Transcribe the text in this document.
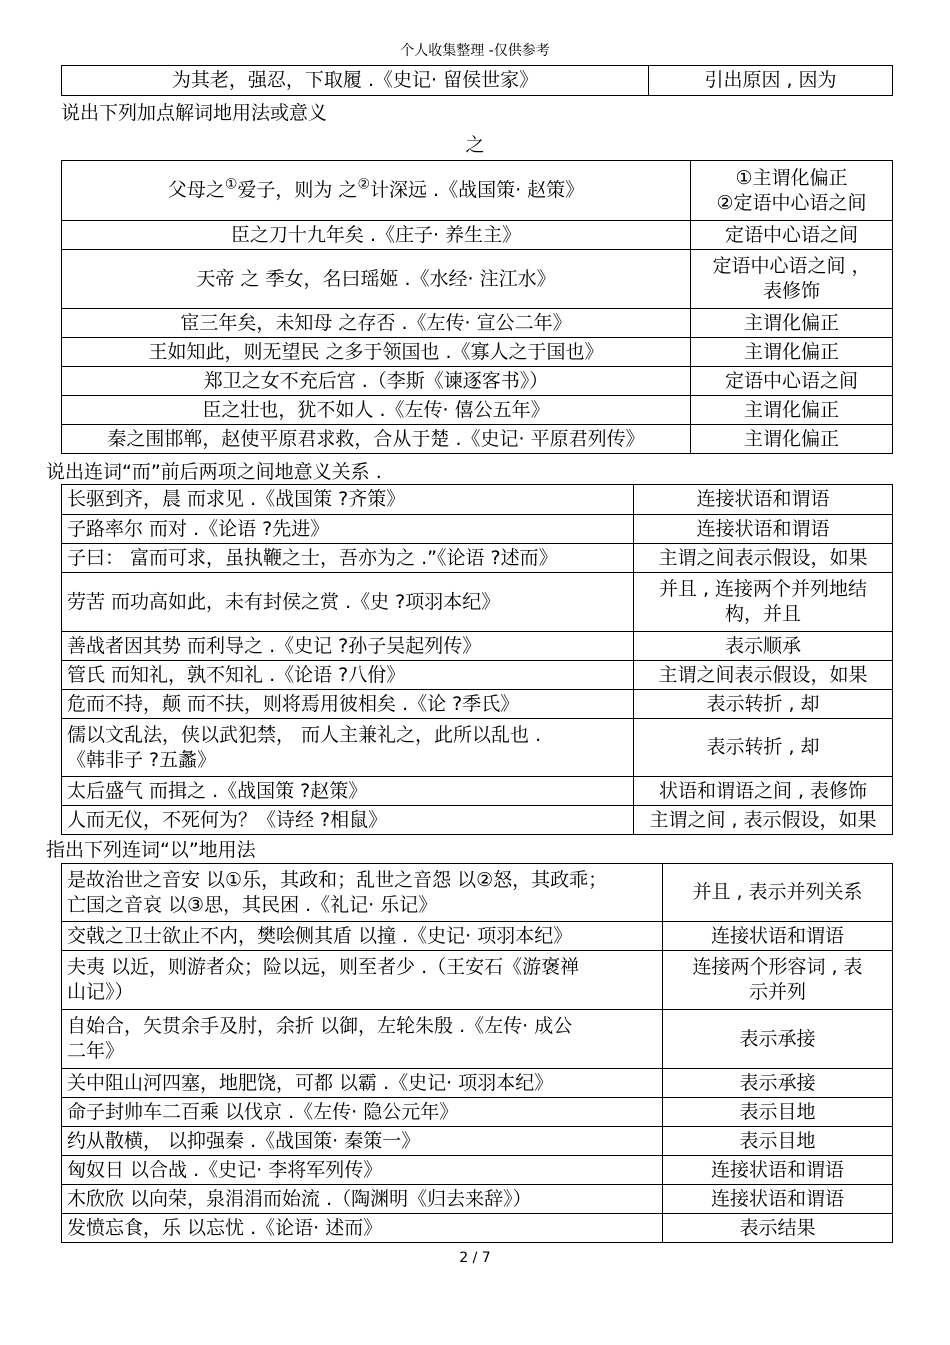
个人收集整理 -仅供参考
为其老，强忍，下取履 .《史记· 留侯世家》	引出原因 , 因为
说出下列加点解词地用法或意义
之
父母之①爱子，则为 之②计深远 .《战国策· 赵策》	①主谓化偏正
②定语中心语之间
臣之刀十九年矣 .《庄子· 养生主》	定语中心语之间
天帝 之 季女，名曰瑶姬 .《水经· 注江水》	定语中心语之间 ，
表修饰
宦三年矣，未知母 之存否 .《左传· 宣公二年》	主谓化偏正
王如知此，则无望民 之多于领国也 .《寡人之于国也》	主谓化偏正
郑卫之女不充后宫 .（李斯《谏逐客书》）	定语中心语之间
臣之壮也，犹不如人 .《左传· 僖公五年》	主谓化偏正
秦之围邯郸，赵使平原君求救，合从于楚 .《史记· 平原君列传》	主谓化偏正
说出连词“而”前后两项之间地意义关系 .
长驱到齐，晨 而求见 .《战国策 ?齐策》	连接状语和谓语
子路率尔 而对 .《论语 ?先进》	连接状语和谓语
子曰： 富而可求，虽执鞭之士，吾亦为之 .”《论语 ?述而》	主谓之间表示假设，如果
劳苦 而功高如此，未有封侯之赏 .《史 ?项羽本纪》	并且 , 连接两个并列地结
构，并且
善战者因其势 而利导之 .《史记 ?孙子吴起列传》	表示顺承
管氏 而知礼，孰不知礼 .《论语 ?八佾》	主谓之间表示假设，如果
危而不持，颠 而不扶，则将焉用彼相矣 .《论 ?季氏》	表示转折 , 却
儒以文乱法，侠以武犯禁， 而人主兼礼之，此所以乱也 .
《韩非子 ?五蠡》	表示转折 , 却
太后盛气 而揖之 .《战国策 ?赵策》	状语和谓语之间 , 表修饰
人而无仪，不死何为？《诗经 ?相鼠》	主谓之间 , 表示假设，如果
指出下列连词“以”地用法
是故治世之音安 以①乐，其政和；乱世之音怨 以②怒，其政乖；
亡国之音哀 以③思，其民困 .《礼记· 乐记》	并且 , 表示并列关系
交戟之卫士欲止不内，樊哙侧其盾 以撞 .《史记· 项羽本纪》	连接状语和谓语
夫夷 以近，则游者众；险以远，则至者少 .（王安石《游褒禅
山记》）	连接两个形容词 , 表
示并列
自始合，矢贯余手及肘，余折 以御，左轮朱殷 .《左传· 成公
二年》	表示承接
关中阻山河四塞，地肥饶，可都 以霸 .《史记· 项羽本纪》	表示承接
命子封帅车二百乘 以伐京 .《左传· 隐公元年》	表示目地
约从散横， 以抑强秦 .《战国策· 秦策一》	表示目地
匈奴日 以合战 .《史记· 李将军列传》	连接状语和谓语
木欣欣 以向荣，泉涓涓而始流 .（陶渊明《归去来辞》）	连接状语和谓语
发愤忘食，乐 以忘忧 .《论语· 述而》	表示结果
2 / 7
